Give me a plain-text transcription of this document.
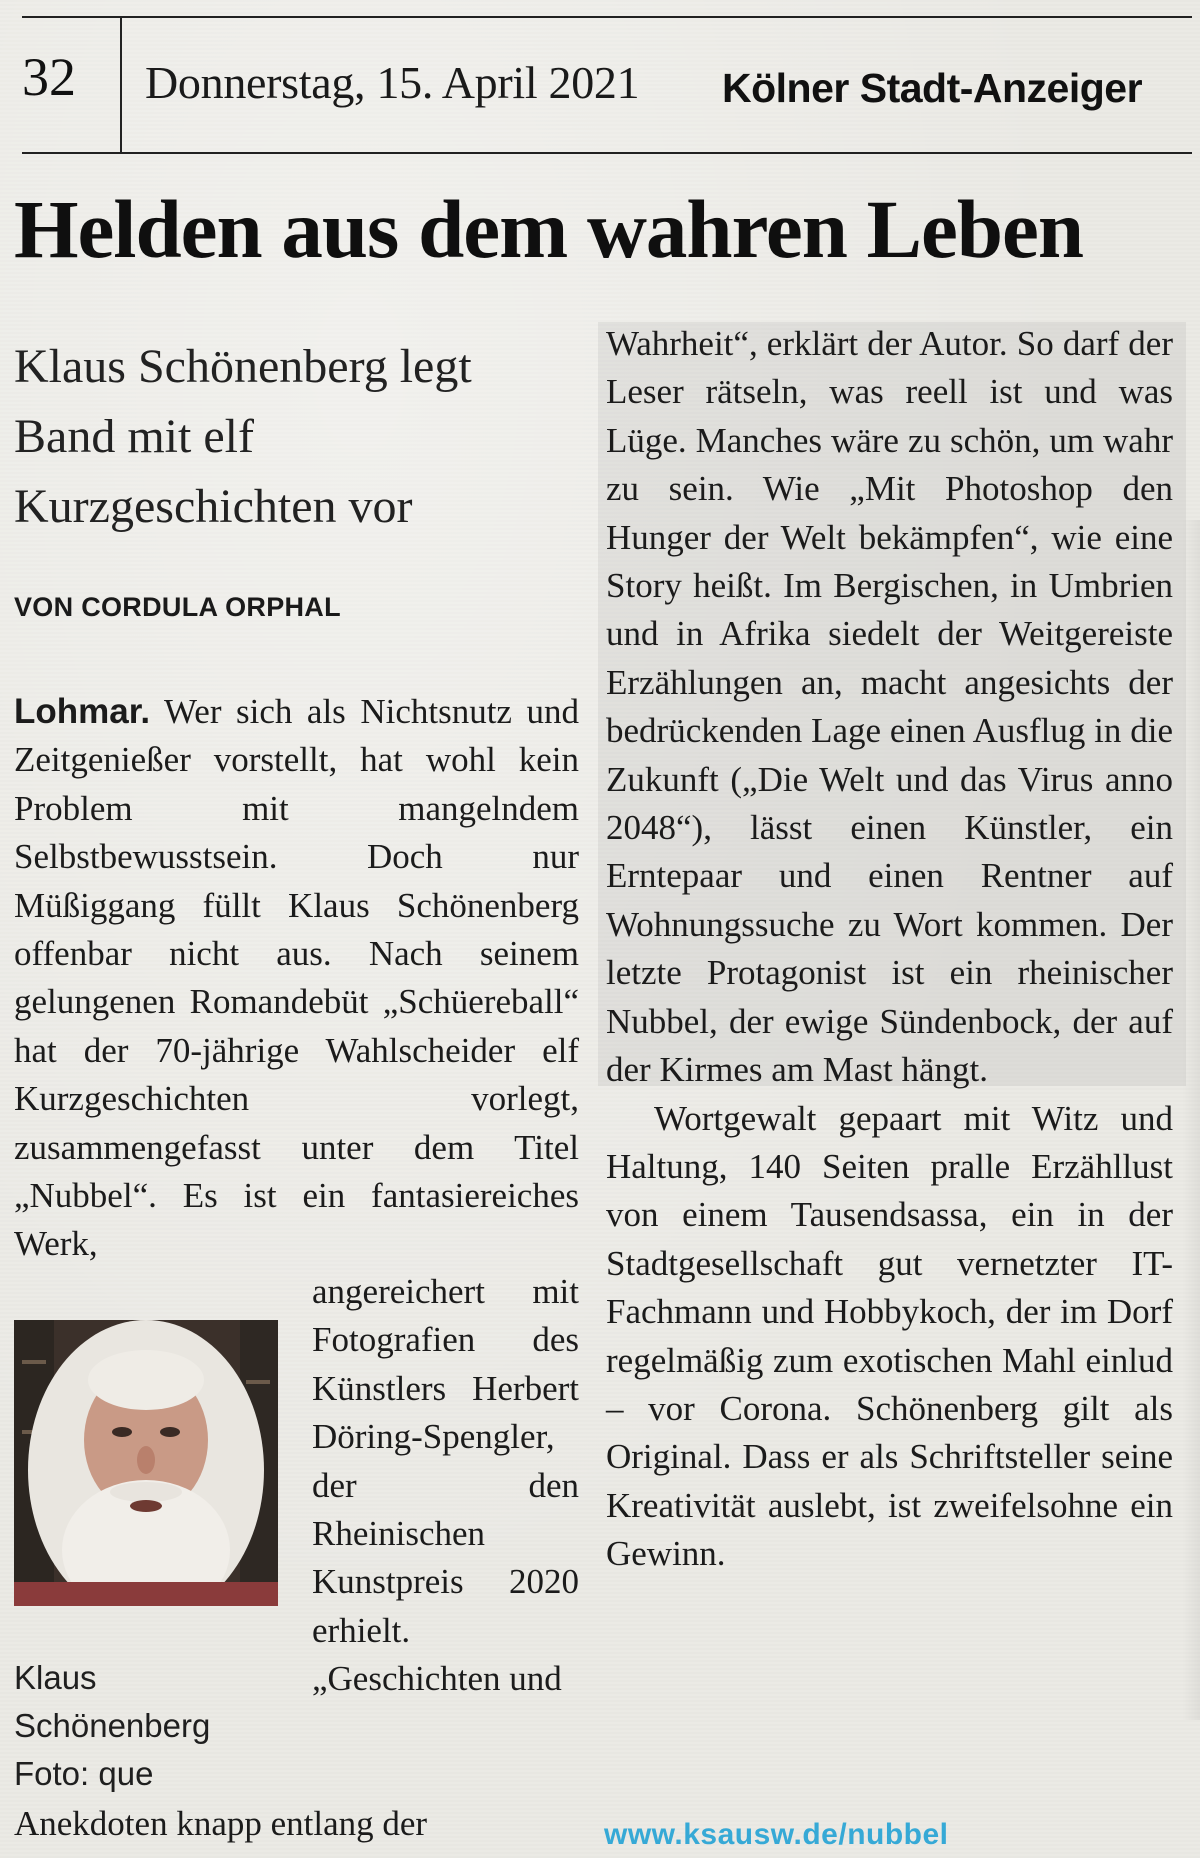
32	Donnerstag, 15. April 2021 Kölner Stadt-Anzeiger
Helden aus dem wahren Leben
Klaus Schönenberg legt Band mit elf Kurzgeschichten vor
VON CORDULA ORPHAL

Lohmar. Wer sich als Nichtsnutz und Zeitgenießer vorstellt, hat wohl kein Problem mit mangelndem Selbstbewusstsein. Doch nur Müßiggang füllt Klaus Schönenberg offenbar nicht aus. Nach seinem gelungenen Romandebüt „Schüereball“ hat der 70-jährige Wahlscheider elf Kurzgeschichten vorlegt, zusammengefasst unter dem Titel „Nubbel“. Es ist ein fantasiereiches Werk,

angereichert mit Fotografien des Künstlers Herbert Döring-Spengler, der den Rheinischen Kunstpreis 2020 erhielt. „Geschichten und

Klaus Schönenberg Foto: que

Anekdoten knapp entlang der

Wahrheit“, erklärt der Autor. So darf der Leser rätseln, was reell ist und was Lüge. Manches wäre zu schön, um wahr zu sein. Wie „Mit Photoshop den Hunger der Welt bekämpfen“, wie eine Story heißt. Im Bergischen, in Umbrien und in Afrika siedelt der Weitgereiste Erzählungen an, macht angesichts der bedrückenden Lage einen Ausflug in die Zukunft („Die Welt und das Virus anno 2048“), lässt einen Künstler, ein Erntepaar und einen Rentner auf Wohnungssuche zu Wort kommen. Der letzte Protagonist ist ein rheinischer Nubbel, der ewige Sündenbock, der auf der Kirmes am Mast hängt.

Wortgewalt gepaart mit Witz und Haltung, 140 Seiten pralle Erzähllust von einem Tausendsassa, ein in der Stadtgesellschaft gut vernetzter IT-Fachmann und Hobbykoch, der im Dorf regelmäßig zum exotischen Mahl einlud – vor Corona. Schönenberg gilt als Original. Dass er als Schriftsteller seine Kreativität auslebt, ist zweifelsohne ein Gewinn.

www.ksausw.de/nubbel
